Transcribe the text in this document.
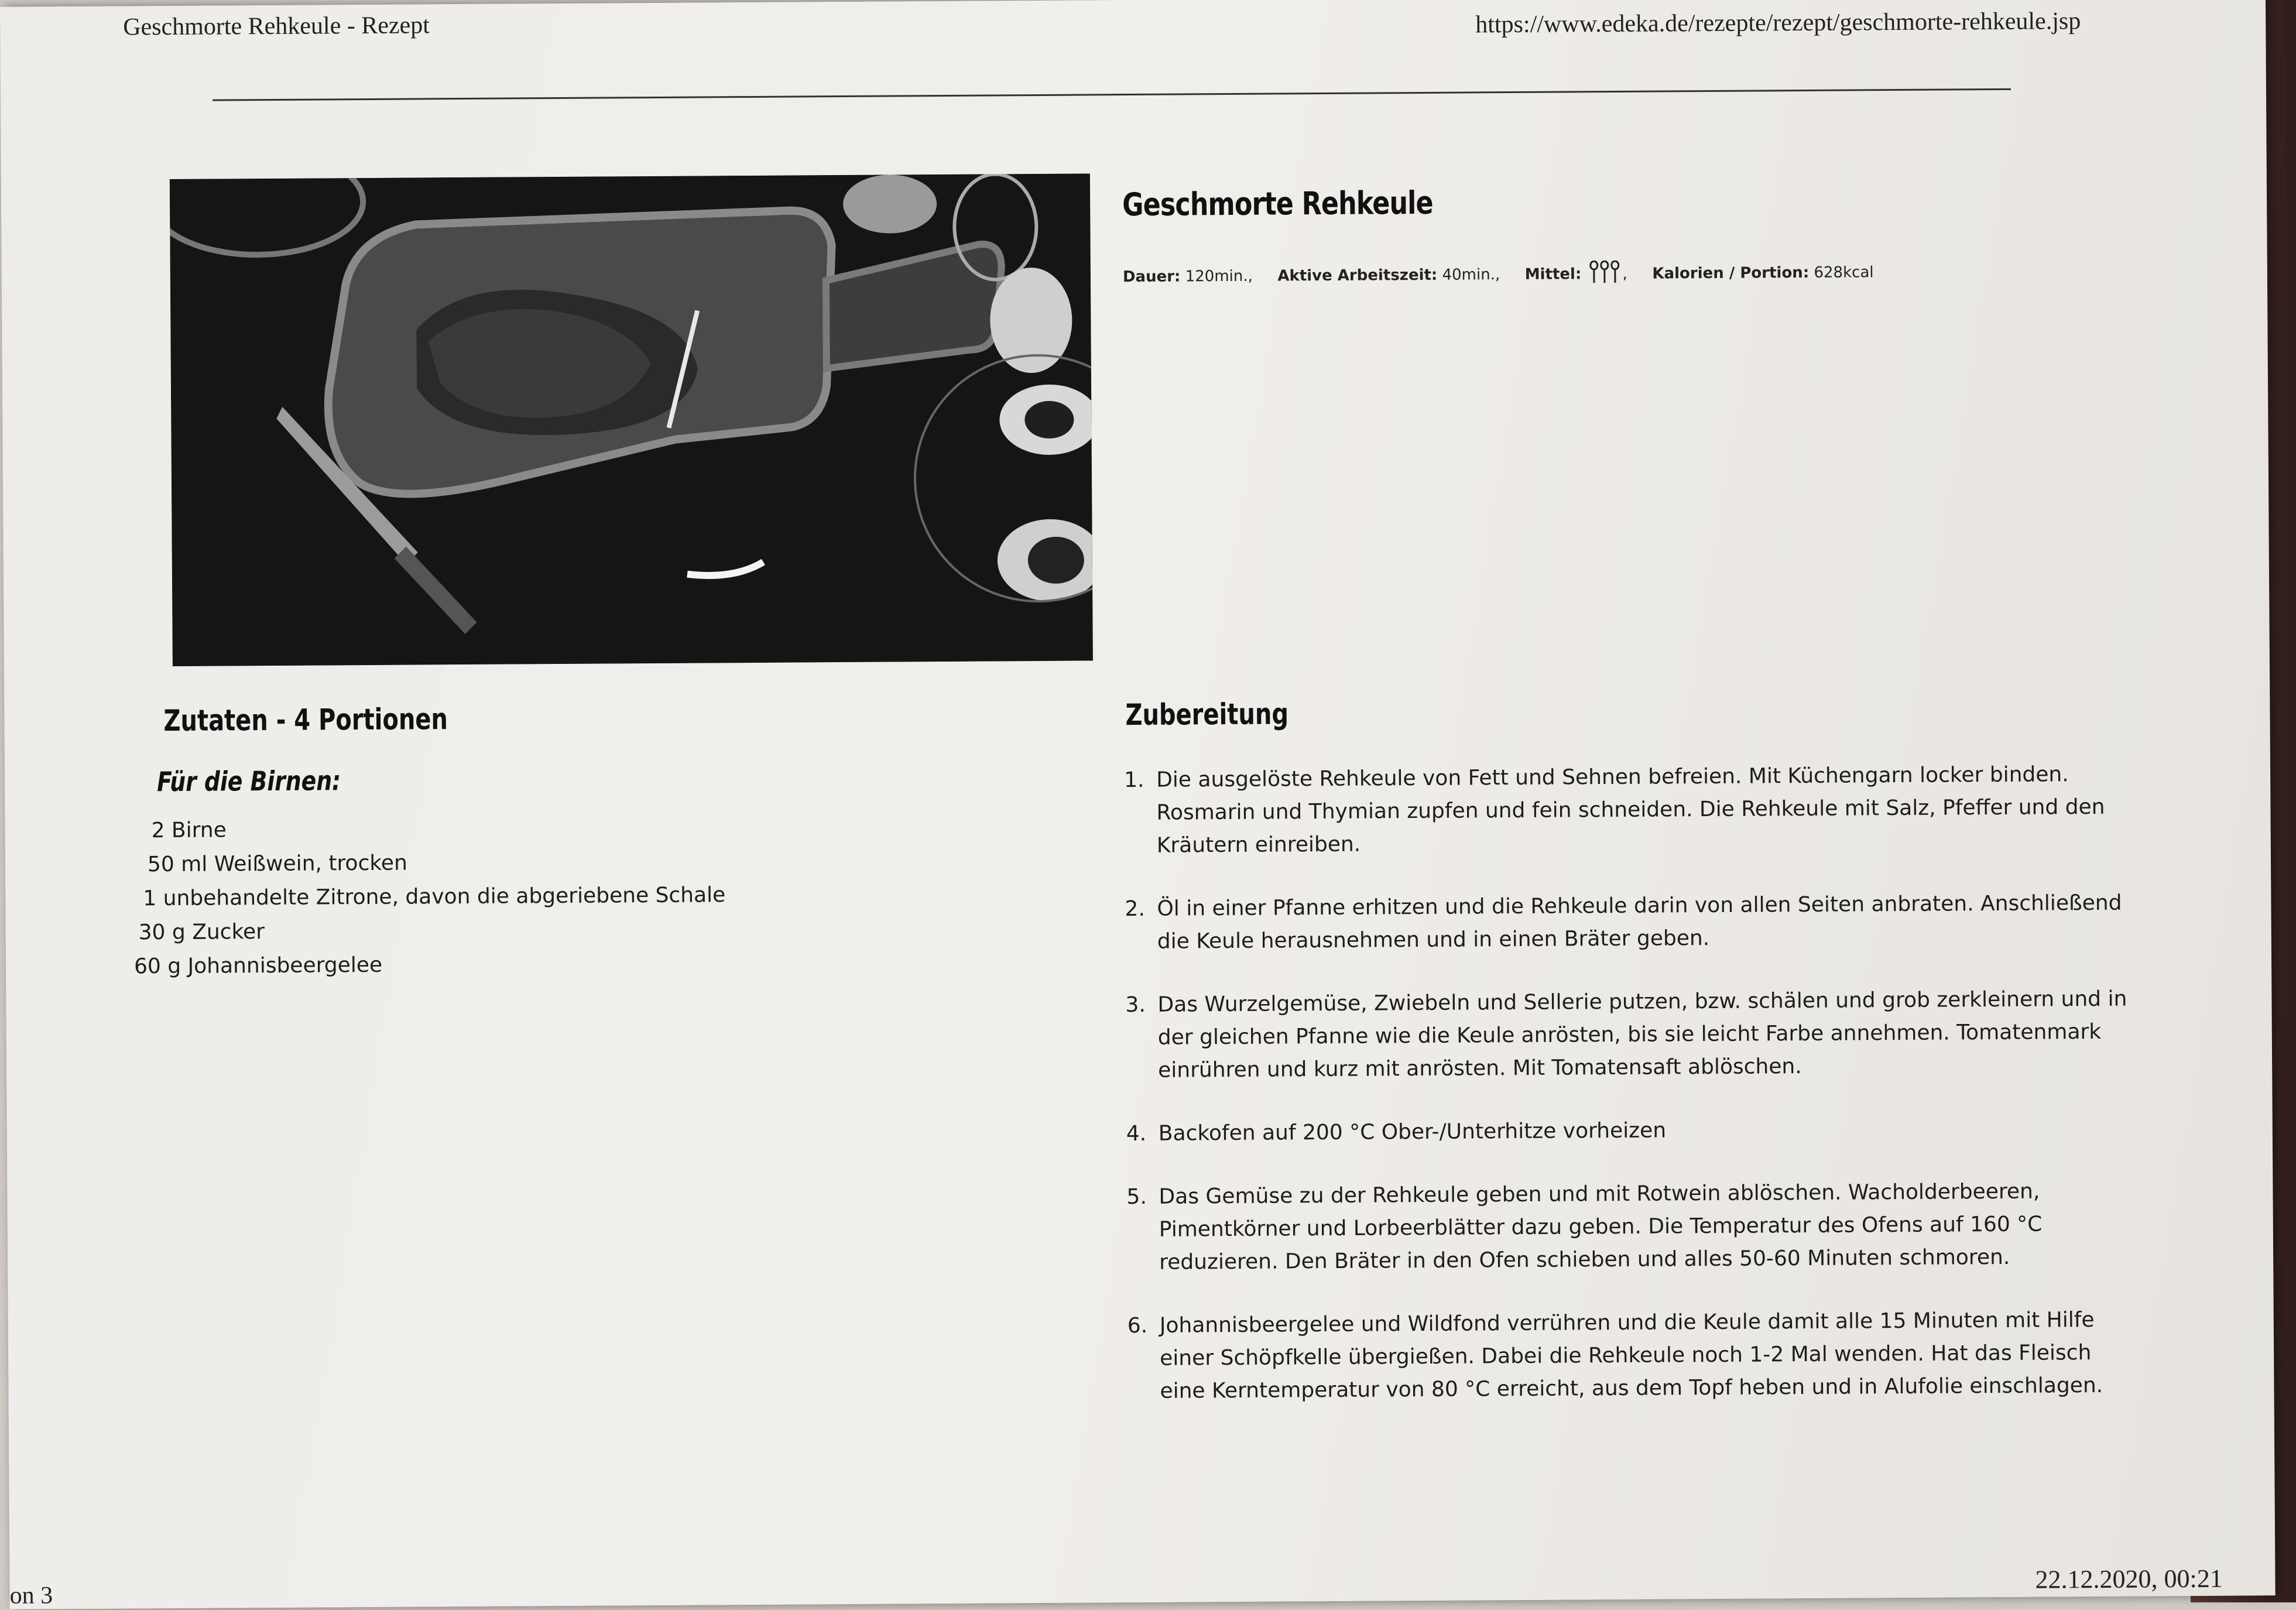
Geschmorte Rehkeule - Rezept	https://www.edeka.de/rezepte/rezept/geschmorte-rehkeule.jsp
Geschmorte Rehkeule
Dauer: 120min., Aktive Arbeitszeit: 40min., Mittel:	, Kalorien / Portion: 628kcal
Zutaten - 4 Portionen
Für die Birnen:
2 Birne
50 ml Weißwein, trocken
1 unbehandelte Zitrone, davon die abgeriebene Schale
30 g Zucker
60 g Johannisbeergelee
Zubereitung
1. Die ausgelöste Rehkeule von Fett und Sehnen befreien. Mit Küchengarn locker binden. Rosmarin und Thymian zupfen und fein schneiden. Die Rehkeule mit Salz, Pfeffer und den Kräutern einreiben.
2. Öl in einer Pfanne erhitzen und die Rehkeule darin von allen Seiten anbraten. Anschließend die Keule herausnehmen und in einen Bräter geben.
3. Das Wurzelgemüse, Zwiebeln und Sellerie putzen, bzw. schälen und grob zerkleinern und in der gleichen Pfanne wie die Keule anrösten, bis sie leicht Farbe annehmen. Tomatenmark einrühren und kurz mit anrösten. Mit Tomatensaft ablöschen.
4. Backofen auf 200 °C Ober-/Unterhitze vorheizen
5. Das Gemüse zu der Rehkeule geben und mit Rotwein ablöschen. Wacholderbeeren, Pimentkörner und Lorbeerblätter dazu geben. Die Temperatur des Ofens auf 160 °C reduzieren. Den Bräter in den Ofen schieben und alles 50-60 Minuten schmoren.
6. Johannisbeergelee und Wildfond verrühren und die Keule damit alle 15 Minuten mit Hilfe einer Schöpfkelle übergießen. Dabei die Rehkeule noch 1-2 Mal wenden. Hat das Fleisch eine Kerntemperatur von 80 °C erreicht, aus dem Topf heben und in Alufolie einschlagen.
on 3
22.12.2020, 00:21
